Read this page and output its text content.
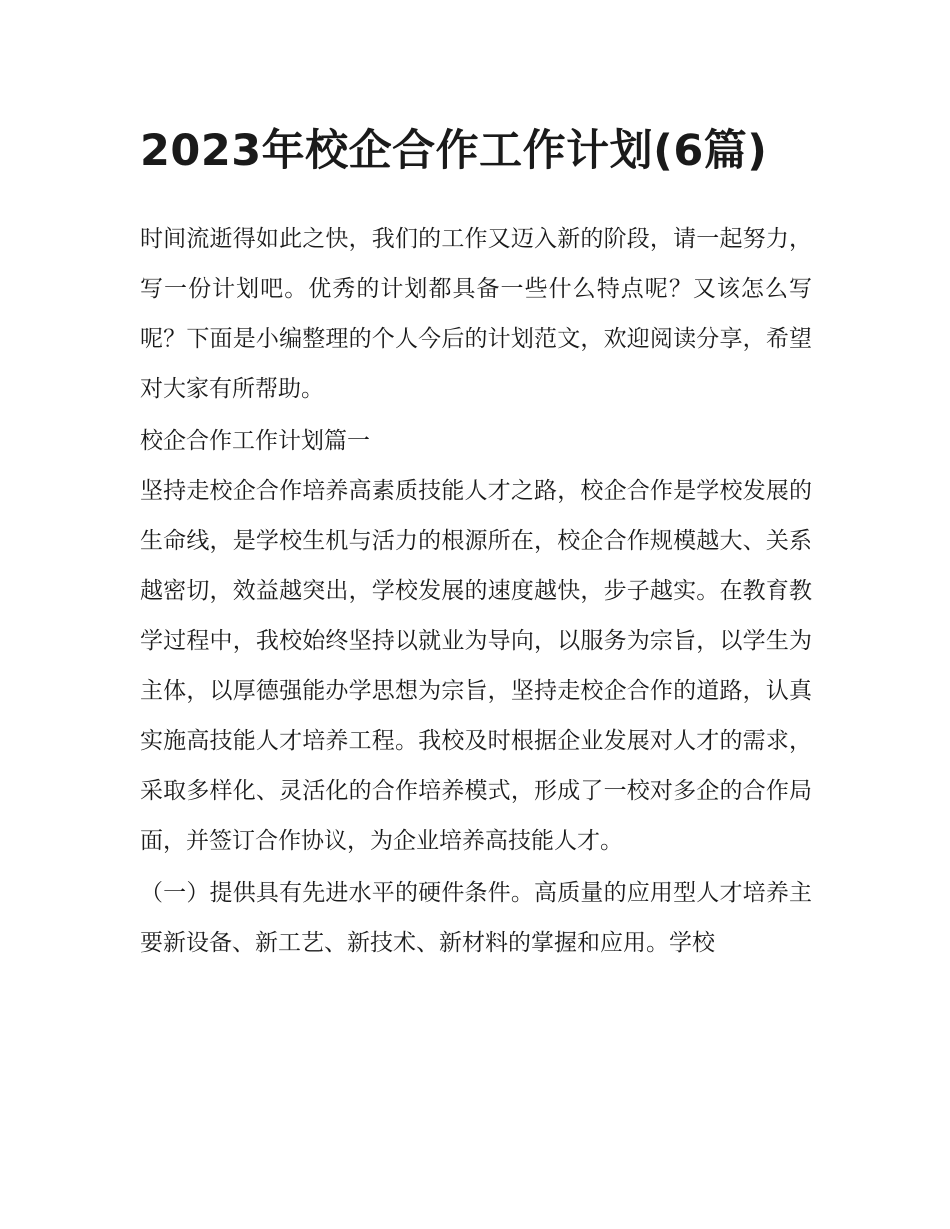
2023年校企合作工作计划(6篇)

时间流逝得如此之快，我们的工作又迈入新的阶段，请一起努力，写一份计划吧。优秀的计划都具备一些什么特点呢？又该怎么写呢？下面是小编整理的个人今后的计划范文，欢迎阅读分享，希望对大家有所帮助。

校企合作工作计划篇一

坚持走校企合作培养高素质技能人才之路，校企合作是学校发展的生命线，是学校生机与活力的根源所在，校企合作规模越大、关系越密切，效益越突出，学校发展的速度越快，步子越实。在教育教学过程中，我校始终坚持以就业为导向，以服务为宗旨，以学生为主体，以厚德强能办学思想为宗旨，坚持走校企合作的道路，认真实施高技能人才培养工程。我校及时根据企业发展对人才的需求，采取多样化、灵活化的合作培养模式，形成了一校对多企的合作局面，并签订合作协议，为企业培养高技能人才。

（一）提供具有先进水平的硬件条件。高质量的应用型人才培养主要新设备、新工艺、新技术、新材料的掌握和应用。学校
